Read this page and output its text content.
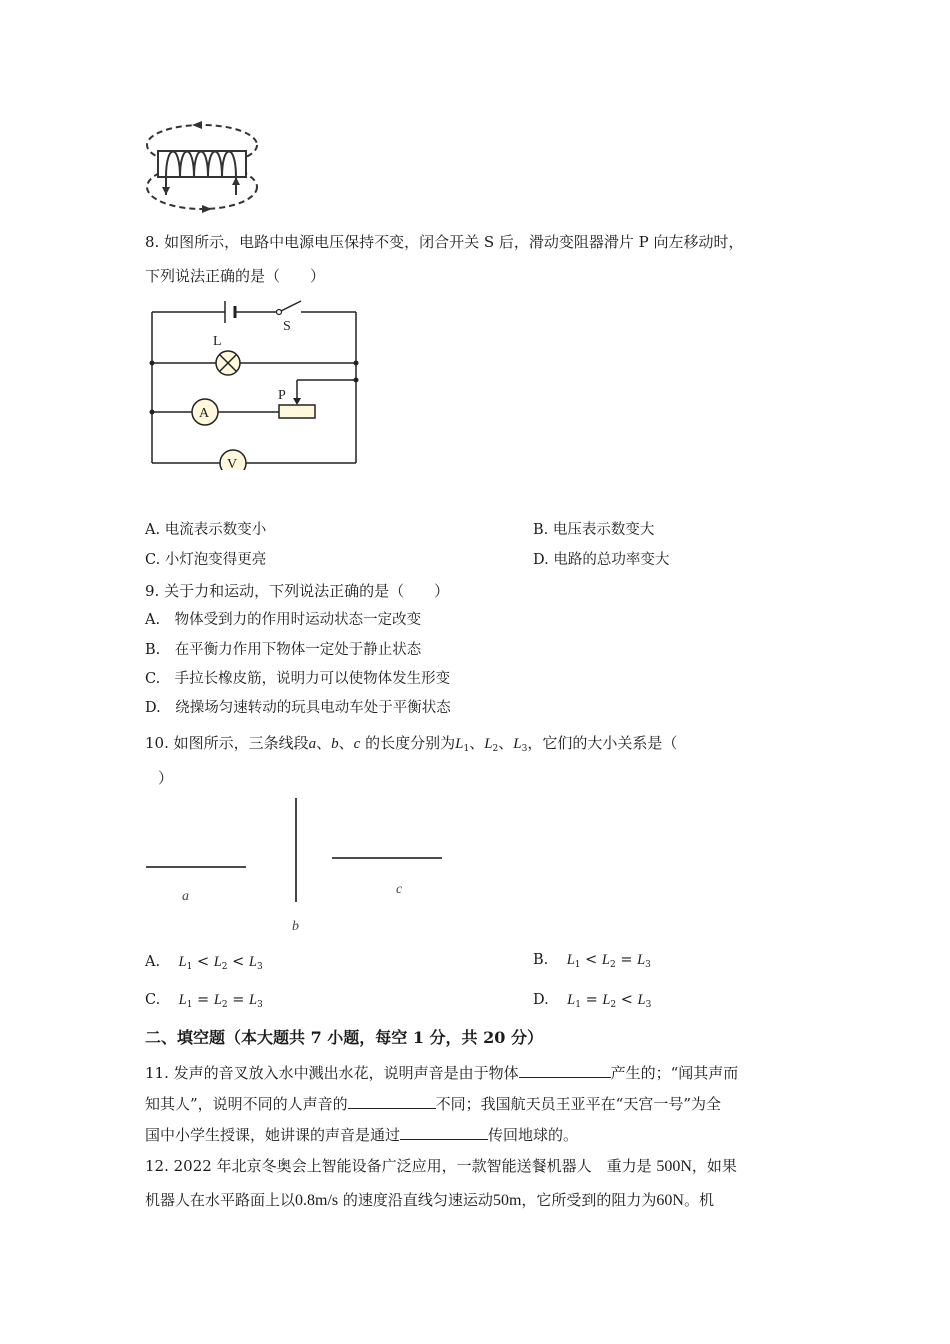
8. 如图所示，电路中电源电压保持不变，闭合开关 S 后，滑动变阻器滑片 P 向左移动时，
下列说法正确的是（　　）
S
L
A
P
V
A. 电流表示数变小	B. 电压表示数变大
C. 小灯泡变得更亮	D. 电路的总功率变大
9. 关于力和运动，下列说法正确的是（　　）
A.　物体受到力的作用时运动状态一定改变
B.　在平衡力作用下物体一定处于静止状态
C.　手拉长橡皮筋，说明力可以使物体发生形变
D.　绕操场匀速转动的玩具电动车处于平衡状态
10. 如图所示，三条线段a、b、c 的长度分别为$L_1$、$L_2$、$L_3$，它们的大小关系是（
）
a
b
c
A. $L_1 < L_2 < L_3$	B. $L_1 < L_2 = L_3$
C. $L_1 = L_2 = L_3$	D. $L_1 = L_2 < L_3$
二、填空题（本大题共 7 小题，每空 1 分，共 20 分）
11. 发声的音叉放入水中溅出水花，说明声音是由于物体	产生的；“闻其声而
知其人”，说明不同的人声音的	不同；我国航天员王亚平在“天宫一号”为全
国中小学生授课，她讲课的声音是通过	传回地球的。
12. 2022 年北京冬奥会上智能设备广泛应用，一款智能送餐机器人　重力是 500N，如果
机器人在水平路面上以0.8m/s 的速度沿直线匀速运动50m，它所受到的阻力为60N。机
